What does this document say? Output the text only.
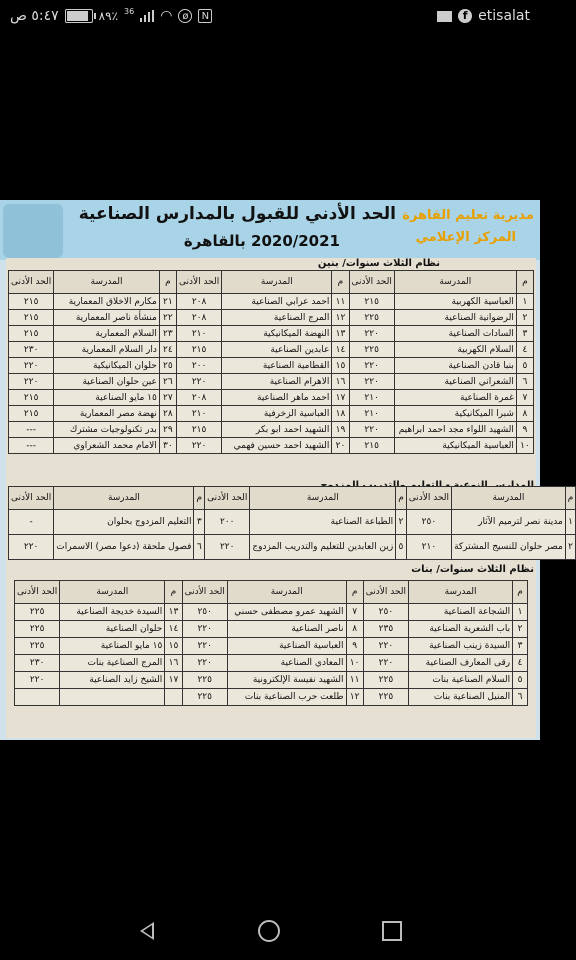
٥:٤٧ ص	٨٩٪ 36 ◠ ø	N	f etisalat
الحد الأدني للقبول بالمدارس الصناعية
2020/2021 بالقاهرة
مديرية تعليم القاهرة
المركز الإعلامي
نظام الثلاث سنوات/ بنين
م	المدرسة	الحد الأدنى	م	المدرسة	الحد الأدنى	م	المدرسة	الحد الأدنى
١	العباسية الكهربية	٢١٥	١١	احمد عرابي الصناعية	٢٠٨	٢١	مكارم الاخلاق المعمارية	٢١٥
٢	الرضوانية الصناعية	٢٢٥	١٢	المرج الصناعية	٢٠٨	٢٢	منشأة ناصر المعمارية	٢١٥
٣	السادات الصناعية	٢٢٠	١٣	النهضة الميكانيكية	٢١٠	٢٣	السلام المعمارية	٢١٥
٤	السلام الكهربية	٢٢٥	١٤	عابدين الصناعية	٢١٥	٢٤	دار السلام المعمارية	٢٣٠
٥	بنبا قادن الصناعية	٢٢٠	١٥	القطامية الصناعية	٢٠٠	٢٥	حلوان الميكانيكية	٢٢٠
٦	الشعراني الصناعية	٢٢٠	١٦	الاهرام الصناعية	٢٢٠	٢٦	عين حلوان الصناعية	٢٢٠
٧	غمرة الصناعية	٢١٠	١٧	احمد ماهر الصناعية	٢٠٨	٢٧	١٥ مايو الصناعية	٢١٥
٨	شبرا الميكانيكية	٢١٠	١٨	العباسية الزخرفية	٢١٠	٢٨	نهضة مصر المعمارية	٢١٥
٩	الشهيد اللواء مجد احمد ابراهيم	٢٢٠	١٩	الشهيد احمد ابو بكر	٢١٥	٢٩	بدر تكنولوجيات مشترك	---
١٠	العباسية الميكانيكية	٢١٥	٢٠	الشهيد احمد حسين فهمي	٢٢٠	٣٠	الامام محمد الشعراوي	---
م	المدرسة	الحد الأدنى	م	المدرسة	الحد الأدنى	م	المدرسة	الحد الأدنى
١	مدينة نصر لترميم الآثار	٢٥٠	٢	الطباعة الصناعية	٢٠٠	٣	التعليم المزدوج بحلوان	-
٢	مصر حلوان للنسيج المشتركة	٢١٠	٥	زين العابدين للتعليم والتدريب المزدوج	٢٢٠	٦	فصول ملحقة (دعوا مصر) الاسمرات	٢٢٠
نظام الثلاث سنوات/ بنات
م	المدرسة	الحد الأدنى	م	المدرسة	الحد الأدنى	م	المدرسة	الحد الأدنى
١	الشجاعة الصناعية	٢٥٠	٧	الشهيد عمرو مصطفى حسني	٢٥٠	١٣	السيدة خديجة الصناعية	٢٢٥
٢	باب الشعرية الصناعية	٢٣٥	٨	ناصر الصناعية	٢٢٠	١٤	حلوان الصناعية	٢٢٥
٣	السيدة زينب الصناعية	٢٢٠	٩	العباسية الصناعية	٢٢٠	١٥	١٥ مايو الصناعية	٢٢٥
٤	رقى المعارف الصناعية	٢٢٠	١٠	المعادي الصناعية	٢٢٠	١٦	المرج الصناعية بنات	٢٣٠
٥	السلام الصناعية بنات	٢٢٥	١١	الشهيد نفيسة الإلكترونية	٢٢٥	١٧	الشيخ زايد الصناعية	٢٢٠
٦	المنيل الصناعية بنات	٢٢٥	١٢	طلعت حرب الصناعية بنات	٢٢٥			
